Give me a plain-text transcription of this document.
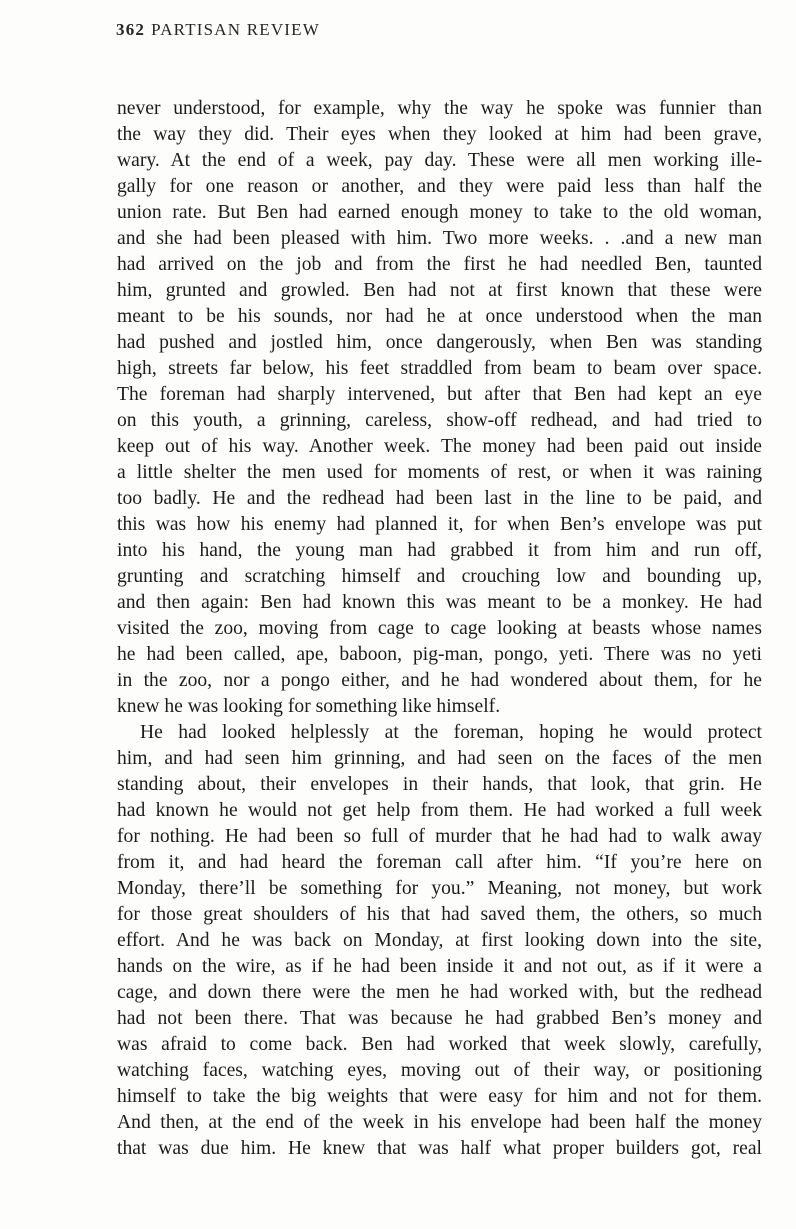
362 PARTISAN REVIEW
never understood, for example, why the way he spoke was funnier than
the way they did. Their eyes when they looked at him had been grave,
wary. At the end of a week, pay day. These were all men working ille-
gally for one reason or another, and they were paid less than half the
union rate. But Ben had earned enough money to take to the old woman,
and she had been pleased with him. Two more weeks. . .and a new man
had arrived on the job and from the first he had needled Ben, taunted
him, grunted and growled. Ben had not at first known that these were
meant to be his sounds, nor had he at once understood when the man
had pushed and jostled him, once dangerously, when Ben was standing
high, streets far below, his feet straddled from beam to beam over space.
The foreman had sharply intervened, but after that Ben had kept an eye
on this youth, a grinning, careless, show-off redhead, and had tried to
keep out of his way. Another week. The money had been paid out inside
a little shelter the men used for moments of rest, or when it was raining
too badly. He and the redhead had been last in the line to be paid, and
this was how his enemy had planned it, for when Ben’s envelope was put
into his hand, the young man had grabbed it from him and run off,
grunting and scratching himself and crouching low and bounding up,
and then again: Ben had known this was meant to be a monkey. He had
visited the zoo, moving from cage to cage looking at beasts whose names
he had been called, ape, baboon, pig-man, pongo, yeti. There was no yeti
in the zoo, nor a pongo either, and he had wondered about them, for he
knew he was looking for something like himself.
He had looked helplessly at the foreman, hoping he would protect
him, and had seen him grinning, and had seen on the faces of the men
standing about, their envelopes in their hands, that look, that grin. He
had known he would not get help from them. He had worked a full week
for nothing. He had been so full of murder that he had had to walk away
from it, and had heard the foreman call after him. “If you’re here on
Monday, there’ll be something for you.” Meaning, not money, but work
for those great shoulders of his that had saved them, the others, so much
effort. And he was back on Monday, at first looking down into the site,
hands on the wire, as if he had been inside it and not out, as if it were a
cage, and down there were the men he had worked with, but the redhead
had not been there. That was because he had grabbed Ben’s money and
was afraid to come back. Ben had worked that week slowly, carefully,
watching faces, watching eyes, moving out of their way, or positioning
himself to take the big weights that were easy for him and not for them.
And then, at the end of the week in his envelope had been half the money
that was due him. He knew that was half what proper builders got, real
